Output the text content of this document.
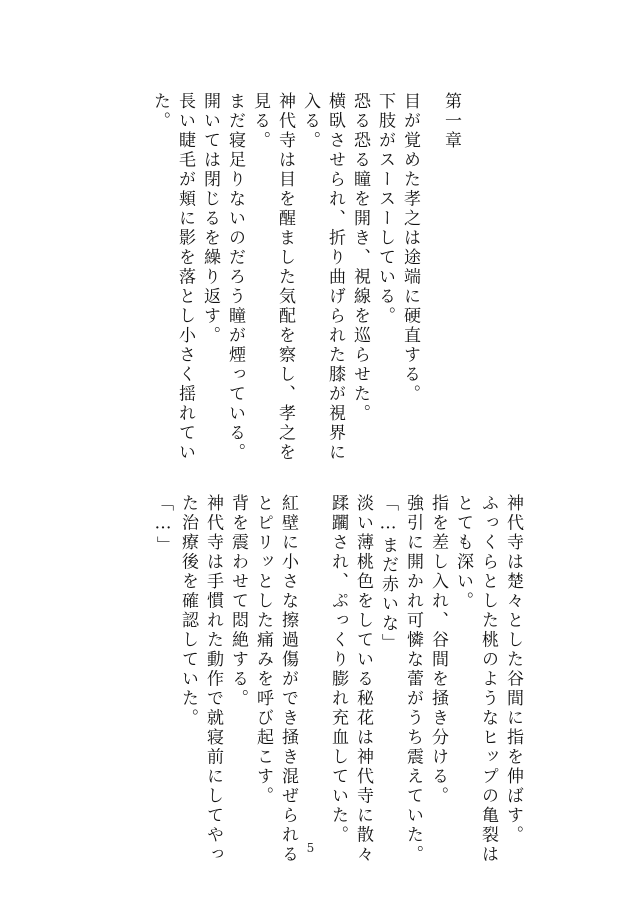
第一章
目が覚めた孝之は途端に硬直する。
下肢がスースーしている。
恐る恐る瞳を開き、視線を巡らせた。
横臥させられ、折り曲げられた膝が視界に
入る。
神代寺は目を醒ました気配を察し、孝之を
見る。
まだ寝足りないのだろう瞳が煙っている。
開いては閉じるを繰り返す。
長い睫毛が頬に影を落とし小さく揺れてい
た。
神代寺は楚々とした谷間に指を伸ばす。
ふっくらとした桃のようなヒップの亀裂は
とても深い。
指を差し入れ、谷間を掻き分ける。
強引に開かれ可憐な蕾がうち震えていた。
「…まだ赤いな」
淡い薄桃色をしている秘花は神代寺に散々
蹂躙され、ぷっくり膨れ充血していた。
紅壁に小さな擦過傷ができ掻き混ぜられる
とピリッとした痛みを呼び起こす。
背を震わせて悶絶する。
神代寺は手慣れた動作で就寝前にしてやっ
た治療後を確認していた。
「…」
5
